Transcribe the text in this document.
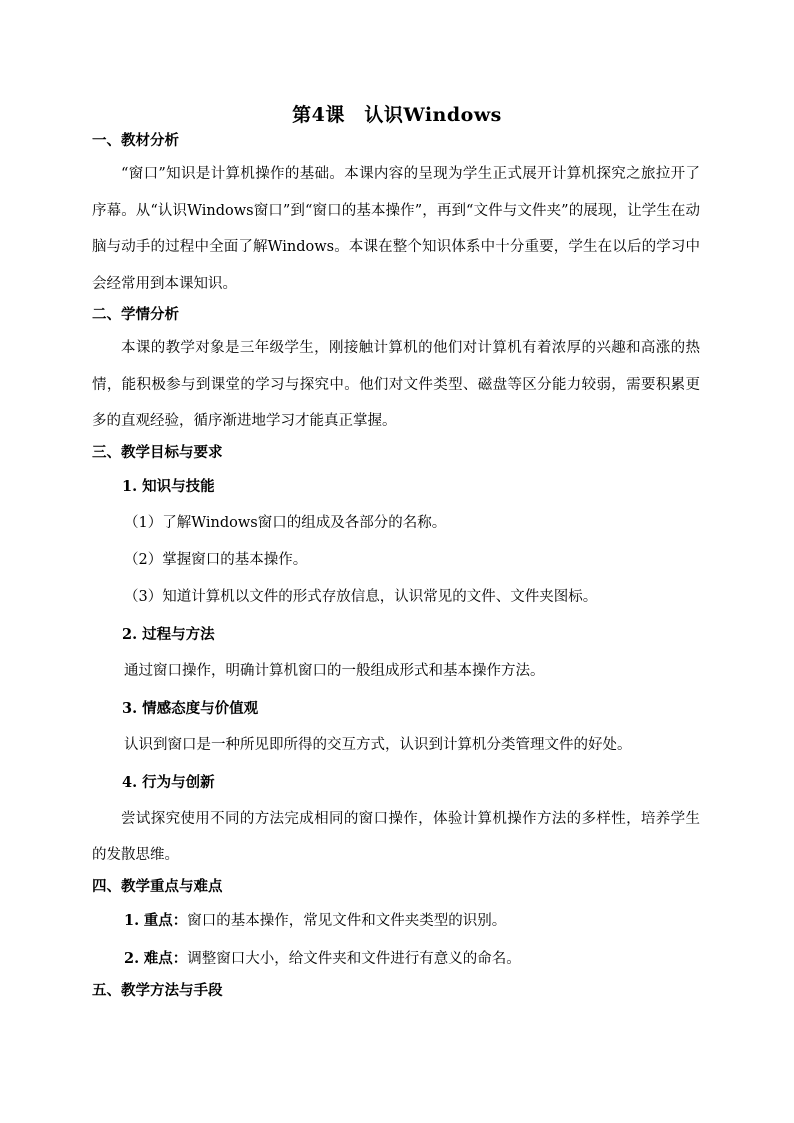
第4课　认识Windows
一、教材分析

“窗口”知识是计算机操作的基础。本课内容的呈现为学生正式展开计算机探究之旅拉开了序幕。从“认识Windows窗口”到“窗口的基本操作”，再到“文件与文件夹”的展现，让学生在动脑与动手的过程中全面了解Windows。本课在整个知识体系中十分重要，学生在以后的学习中会经常用到本课知识。

二、学情分析

本课的教学对象是三年级学生，刚接触计算机的他们对计算机有着浓厚的兴趣和高涨的热情，能积极参与到课堂的学习与探究中。他们对文件类型、磁盘等区分能力较弱，需要积累更多的直观经验，循序渐进地学习才能真正掌握。

三、教学目标与要求
1. 知识与技能
（1）了解Windows窗口的组成及各部分的名称。
（2）掌握窗口的基本操作。
（3）知道计算机以文件的形式存放信息，认识常见的文件、文件夹图标。
2. 过程与方法
通过窗口操作，明确计算机窗口的一般组成形式和基本操作方法。
3. 情感态度与价值观
认识到窗口是一种所见即所得的交互方式，认识到计算机分类管理文件的好处。
4. 行为与创新

尝试探究使用不同的方法完成相同的窗口操作，体验计算机操作方法的多样性，培养学生的发散思维。

四、教学重点与难点
1. 重点：窗口的基本操作，常见文件和文件夹类型的识别。
2. 难点：调整窗口大小，给文件夹和文件进行有意义的命名。
五、教学方法与手段
